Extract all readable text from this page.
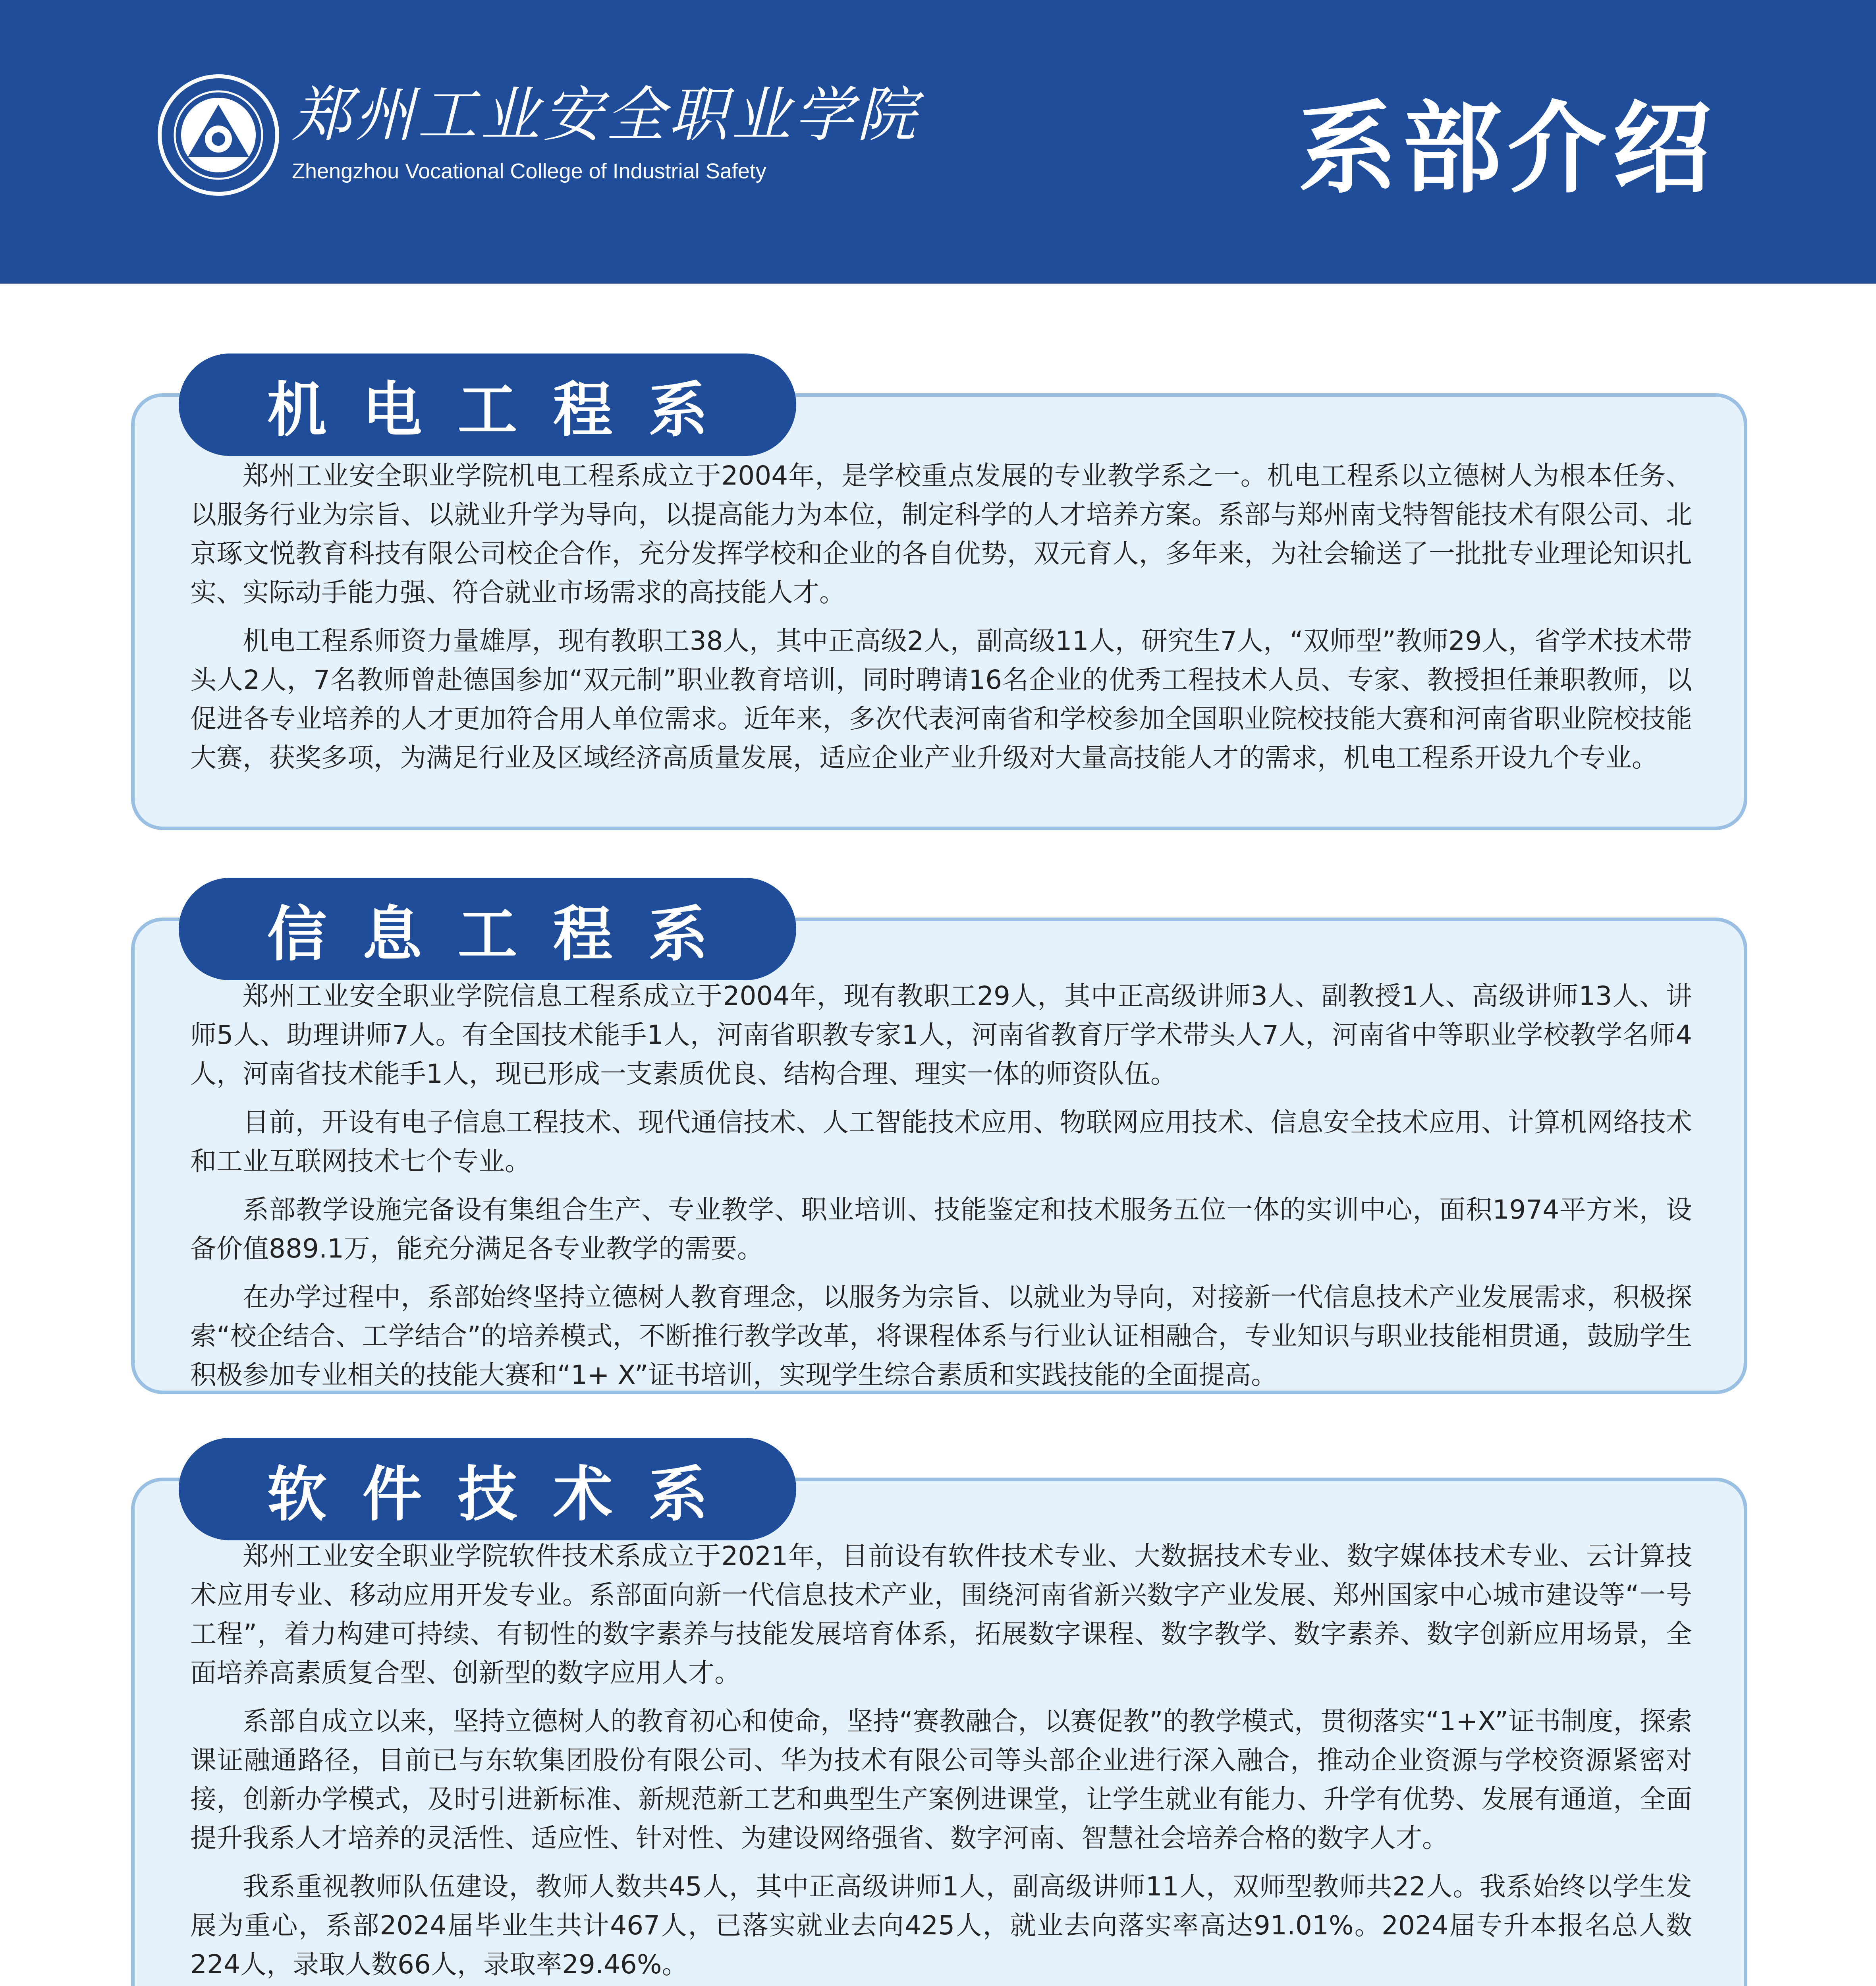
郑州工业安全职业学院
Zhengzhou Vocational College of Industrial Safety	系部介绍

郑州工业安全职业学院机电工程系成立于2004年，是学校重点发展的专业教学系之一。机电工程系以立德树人为根本任务、以服务行业为宗旨、以就业升学为导向，以提高能力为本位，制定科学的人才培养方案。系部与郑州南戈特智能技术有限公司、北京琢文悦教育科技有限公司校企合作，充分发挥学校和企业的各自优势，双元育人，多年来，为社会输送了一批批专业理论知识扎实、实际动手能力强、符合就业市场需求的高技能人才。

机电工程系师资力量雄厚，现有教职工38人，其中正高级2人，副高级11人，研究生7人，“双师型”教师29人，省学术技术带头人2人，7名教师曾赴德国参加“双元制”职业教育培训，同时聘请16名企业的优秀工程技术人员、专家、教授担任兼职教师，以促进各专业培养的人才更加符合用人单位需求。近年来，多次代表河南省和学校参加全国职业院校技能大赛和河南省职业院校技能大赛，获奖多项，为满足行业及区域经济高质量发展，适应企业产业升级对大量高技能人才的需求，机电工程系开设九个专业。

机电工程系

郑州工业安全职业学院信息工程系成立于2004年，现有教职工29人，其中正高级讲师3人、副教授1人、高级讲师13人、讲师5人、助理讲师7人。有全国技术能手1人，河南省职教专家1人，河南省教育厅学术带头人7人，河南省中等职业学校教学名师4人，河南省技术能手1人，现已形成一支素质优良、结构合理、理实一体的师资队伍。

目前，开设有电子信息工程技术、现代通信技术、人工智能技术应用、物联网应用技术、信息安全技术应用、计算机网络技术和工业互联网技术七个专业。

系部教学设施完备设有集组合生产、专业教学、职业培训、技能鉴定和技术服务五位一体的实训中心，面积1974平方米，设备价值889.1万，能充分满足各专业教学的需要。

在办学过程中，系部始终坚持立德树人教育理念，以服务为宗旨、以就业为导向，对接新一代信息技术产业发展需求，积极探索“校企结合、工学结合”的培养模式，不断推行教学改革，将课程体系与行业认证相融合，专业知识与职业技能相贯通，鼓励学生积极参加专业相关的技能大赛和“1+ X”证书培训，实现学生综合素质和实践技能的全面提高。

信息工程系

郑州工业安全职业学院软件技术系成立于2021年，目前设有软件技术专业、大数据技术专业、数字媒体技术专业、云计算技术应用专业、移动应用开发专业。系部面向新一代信息技术产业，围绕河南省新兴数字产业发展、郑州国家中心城市建设等“一号工程”，着力构建可持续、有韧性的数字素养与技能发展培育体系，拓展数字课程、数字教学、数字素养、数字创新应用场景，全面培养高素质复合型、创新型的数字应用人才。

系部自成立以来，坚持立德树人的教育初心和使命，坚持“赛教融合，以赛促教”的教学模式，贯彻落实“1+X”证书制度，探索课证融通路径，目前已与东软集团股份有限公司、华为技术有限公司等头部企业进行深入融合，推动企业资源与学校资源紧密对接，创新办学模式，及时引进新标准、新规范新工艺和典型生产案例进课堂，让学生就业有能力、升学有优势、发展有通道，全面提升我系人才培养的灵活性、适应性、针对性、为建设网络强省、数字河南、智慧社会培养合格的数字人才。

我系重视教师队伍建设，教师人数共45人，其中正高级讲师1人，副高级讲师11人，双师型教师共22人。我系始终以学生发展为重心，系部2024届毕业生共计467人，已落实就业去向425人，就业去向落实率高达91.01%。2024届专升本报名总人数224人，录取人数66人，录取率29.46%。

软件技术系
